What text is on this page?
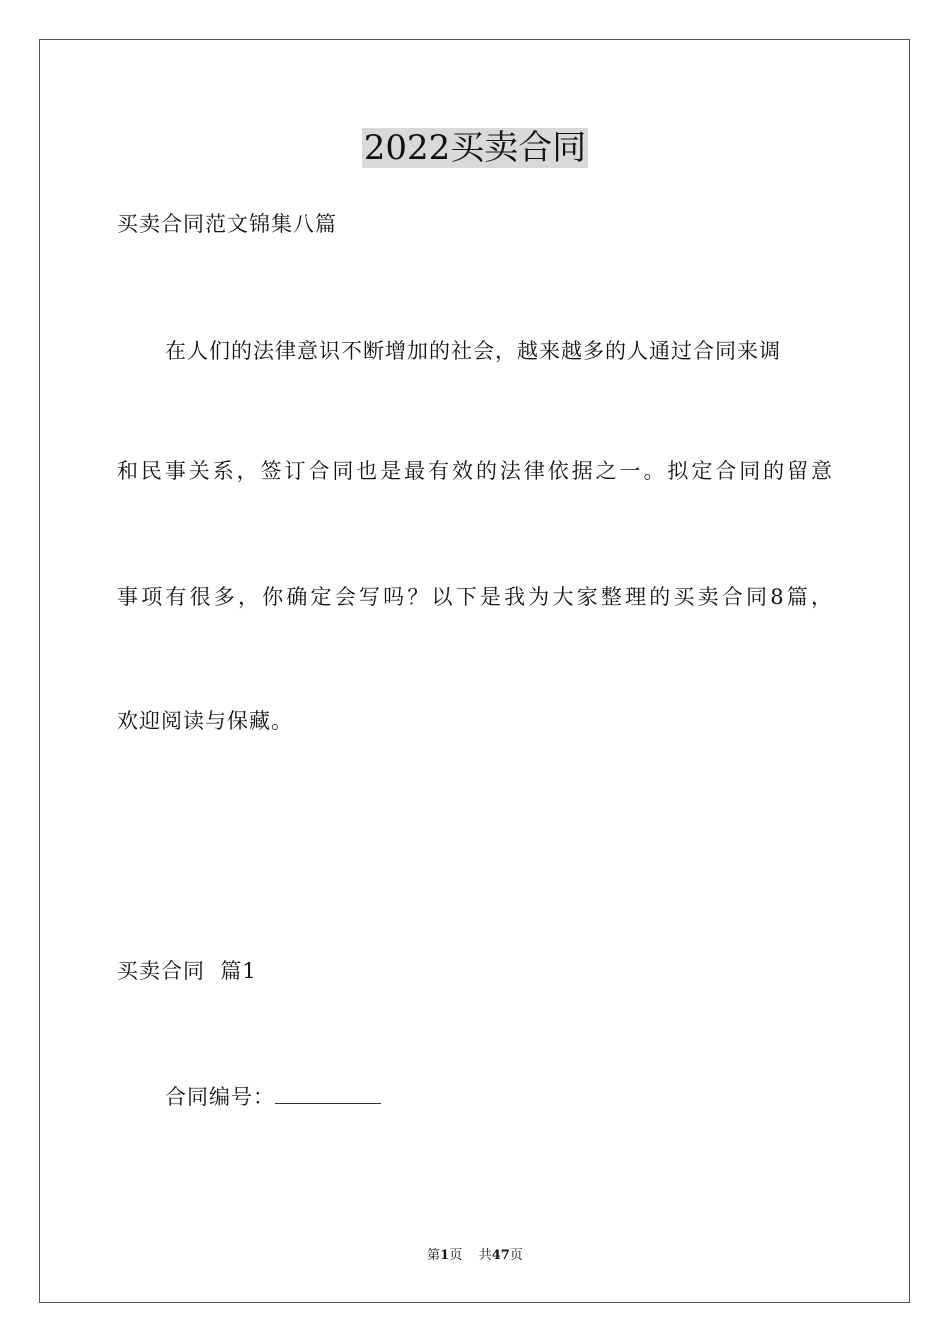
2022买卖合同
买卖合同范文锦集八篇
在人们的法律意识不断增加的社会，越来越多的人通过合同来调
和民事关系，签订合同也是最有效的法律依据之一。拟定合同的留意
事项有很多，你确定会写吗？以下是我为大家整理的买卖合同8篇，
欢迎阅读与保藏。
买卖合同  篇1
合同编号：
第1页 共47页
